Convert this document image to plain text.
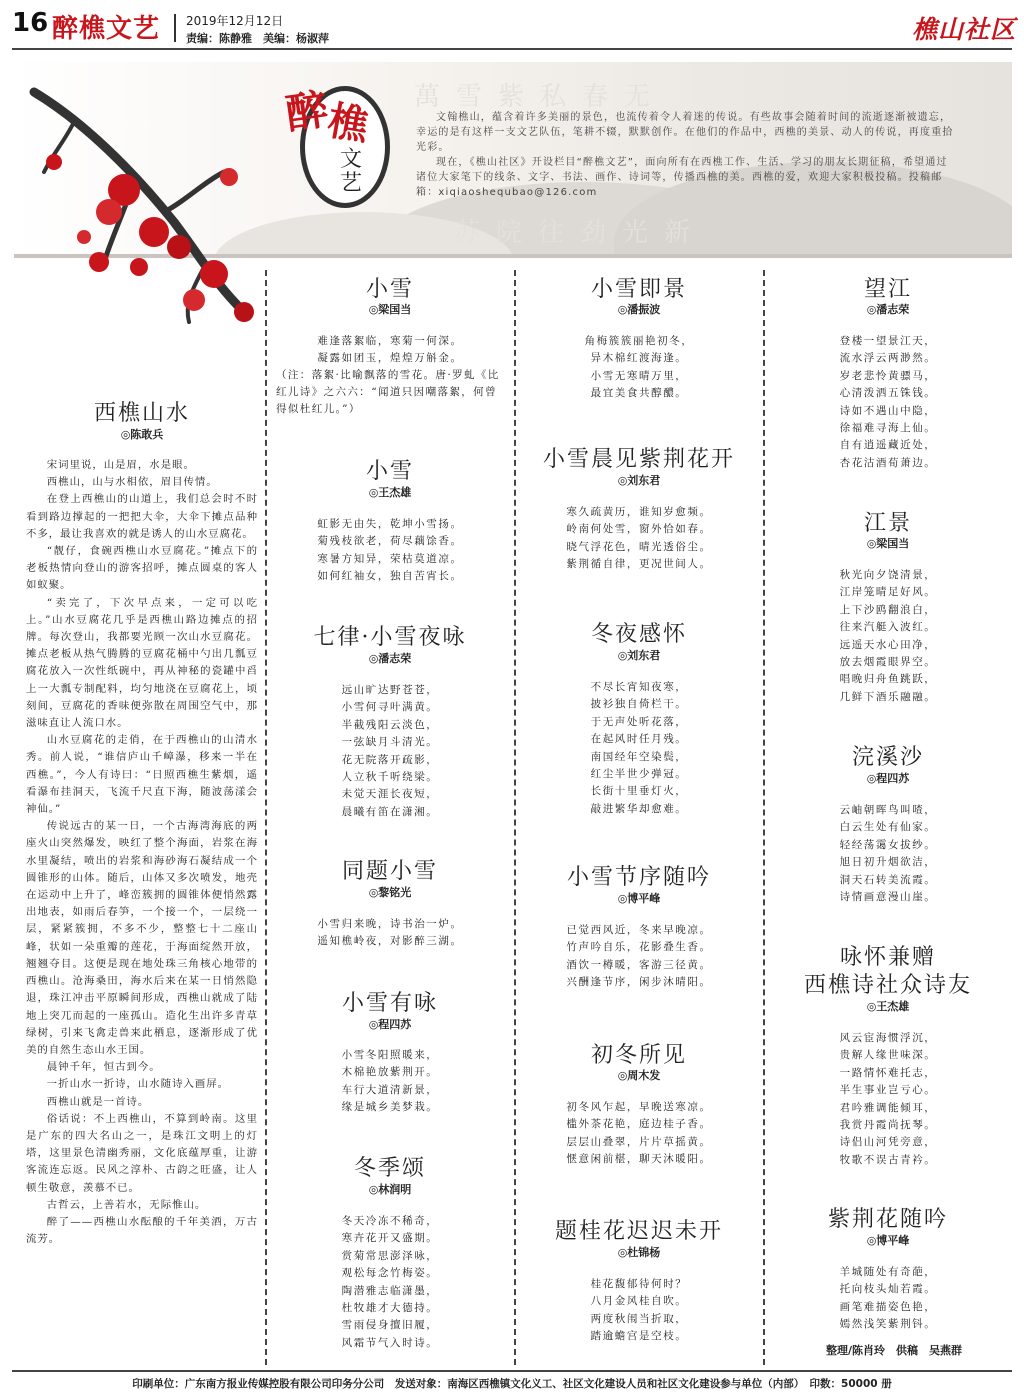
16 醉樵文艺 2019年12月12日
责编：陈静雅　美编：杨淑萍	樵山社区
萬雪紫私春无
苏院往劲光新
醉
樵
文艺

文翰樵山，蕴含着许多美丽的景色，也流传着令人着迷的传说。有些故事会随着时间的流逝逐渐被遗忘，幸运的是有这样一支文艺队伍，笔耕不辍，默默创作。在他们的作品中，西樵的美景、动人的传说，再度重拾光彩。

现在，《樵山社区》开设栏目“醉樵文艺”，面向所有在西樵工作、生活、学习的朋友长期征稿，希望通过诸位大家笔下的线条、文字、书法、画作、诗词等，传播西樵的美。西樵的爱，欢迎大家积极投稿。投稿邮箱：xiqiaoshequbao@126.com

西樵山水
◎陈敢兵

宋词里说，山是眉，水是眼。

西樵山，山与水相依，眉目传情。

在登上西樵山的山道上，我们总会时不时看到路边撑起的一把把大伞，大伞下摊点品种不多，最让我喜欢的就是诱人的山水豆腐花。

“靓仔，食碗西樵山水豆腐花。”摊点下的老板热情向登山的游客招呼，摊点圆桌的客人如蚁聚。

“卖完了，下次早点来，一定可以吃上。”山水豆腐花几乎是西樵山路边摊点的招牌。每次登山，我都要光顾一次山水豆腐花。摊点老板从热气腾腾的豆腐花桶中勺出几瓢豆腐花放入一次性纸碗中，再从神秘的瓷罐中舀上一大瓢专制配料，均匀地浇在豆腐花上，顷刻间，豆腐花的香味便弥散在周围空气中，那滋味直让人流口水。

山水豆腐花的走俏，在于西樵山的山清水秀。前人说，“谁信庐山千嶂瀑，移来一半在西樵。”，今人有诗曰：“日照西樵生紫烟，遥看瀑布挂洞天，飞流千尺直下海，随波荡漾会神仙。”

传说远古的某一日，一个古海湾海底的两座火山突然爆发，映红了整个海面，岩浆在海水里凝结，喷出的岩浆和海砂海石凝结成一个圆锥形的山体。随后，山体又多次喷发，地壳在运动中上升了，峰峦簇拥的圆锥体便悄然露出地表，如雨后春笋，一个接一个，一层绕一层，紧紧簇拥，不多不少，整整七十二座山峰，状如一朵重瓣的莲花，于海面绽然开放，翘翘夺目。这便是现在地处珠三角核心地带的西樵山。沧海桑田，海水后来在某一日悄然隐退，珠江冲击平原瞬间形成，西樵山就成了陆地上突兀而起的一座孤山。造化生出许多青草绿树，引来飞禽走兽来此栖息，逐渐形成了优美的自然生态山水王国。

晨钟千年，恒古到今。

一折山水一折诗，山水随诗入画屏。

西樵山就是一首诗。

俗话说：不上西樵山，不算到岭南。这里是广东的四大名山之一，是珠江文明上的灯塔，这里景色清幽秀丽，文化底蕴厚重，让游客流连忘返。民风之淳朴、古韵之旺盛，让人顿生敬意，羡慕不已。

古哲云，上善若水，无际惟山。

醉了——西樵山水酝酿的千年美酒，万古流芳。

小雪
◎梁国当
难逢落絮临，寒菊一何深。
凝露如团玉，煌煌万斛金。
（注：落絮·比喻飘落的雪花。唐·罗虬《比红儿诗》之六六：“闻道只因嘲落絮，何曾得似杜红儿。”）
小雪
◎王杰雄
虹影无由失，乾坤小雪扬。
菊残枝欲老，荷尽藕馀香。
寒暑方知异，荣枯莫道凉。
如何红袖女，独自苦宵长。
七律·小雪夜咏
◎潘志荣
远山旷达野苍苍，
小雪何寻叶满黄。
半截残阳云淡色，
一弦缺月斗清光。
花无院落开疏影，
人立秋千听绕梁。
未觉天涯长夜短，
晨曦有笛在潇湘。
同题小雪
◎黎铭光
小雪归来晚，诗书治一炉。
遥知樵岭夜，对影醉三湖。
小雪有咏
◎程四苏
小雪冬阳照暖来，
木棉艳放紫荆开。
车行大道清新景，
缘是城乡美梦栽。
冬季颂
◎林润明
冬天冷冻不稀奇，
寒卉花开又盛期。
赏菊常思澎泽咏，
观松每念竹梅姿。
陶潜雅志临潇墨，
杜牧雄才大德持。
雪雨侵身擅旧履，
风霜节气入时诗。
小雪即景
◎潘振波
角梅簇簇丽艳初冬，
异木棉红渡海逢。
小雪无寒晴万里，
最宜美食共醇醲。
小雪晨见紫荆花开
◎刘东君
寒久疏黄历，谁知岁愈频。
岭南何处雪，窗外恰如春。
晓气浮花色，晴光透俗尘。
紫荆循自律，更况世间人。
冬夜感怀
◎刘东君
不尽长宵知夜寒，
披衫独自倚栏干。
于无声处听花落，
在起风时任月残。
南国经年空染鬓，
红尘半世少弹冠。
长街十里垂灯火，
敲进繁华却愈难。
小雪节序随吟
◎博平峰
已觉西风近，冬来早晚凉。
竹声吟自乐，花影叠生香。
酒饮一樽暖，客游三径黄。
兴酬逢节序，闲步沐晴阳。
初冬所见
◎周木发
初冬风乍起，早晚送寒凉。
槛外茶花艳，庭边桂子香。
层层山叠翠，片片草摇黄。
惬意闲前椹，聊天沐暖阳。
题桂花迟迟未开
◎杜锦杨
桂花馥郁待何时？
八月金风桂自吹。
两度秋闱当折取，
踏逾蟾宫是空枝。
望江
◎潘志荣
登楼一望景江天，
流水浮云两渺然。
岁老悲怜黄骠马，
心清泼洒五铢钱。
诗如不遇山中隐，
徐福难寻海上仙。
自有逍遥藏近处，
杏花沽酒荀萧边。
江景
◎梁国当
秋光向夕饶清景，
江岸笼晴足好风。
上下沙鸥翻浪白，
往来汽艇入波红。
远遥天水心田净，
放去烟霞眼界空。
唱晚归舟鱼跳跃，
几鲜下酒乐融融。
浣溪沙
◎程四苏
云岫朝晖鸟叫喳，
白云生处有仙家。
轻经荡霭女拔纱。
旭日初升烟欲洁，
洞天石转美流霞。
诗情画意漫山崖。
咏怀兼赠
西樵诗社众诗友
◎王杰雄
风云宦海惯浮沉，
贵解人缘世味深。
一路情怀难托志，
半生事业岂亏心。
君吟雅调能倾耳，
我赏丹霞尚抚琴。
诗侣山河凭旁意，
牧歌不误古青衿。
紫荆花随吟
◎博平峰
羊城随处有奇葩，
托向枝头灿若霞。
画笔难描姿色艳，
嫣然浅笑紫荆钭。
整理/陈肖玲　供稿　吴燕群
印刷单位：广东南方报业传媒控股有限公司印务分公司　发送对象：南海区西樵镇文化义工、社区文化建设人员和社区文化建设参与单位（内部）　印数：50000 册
